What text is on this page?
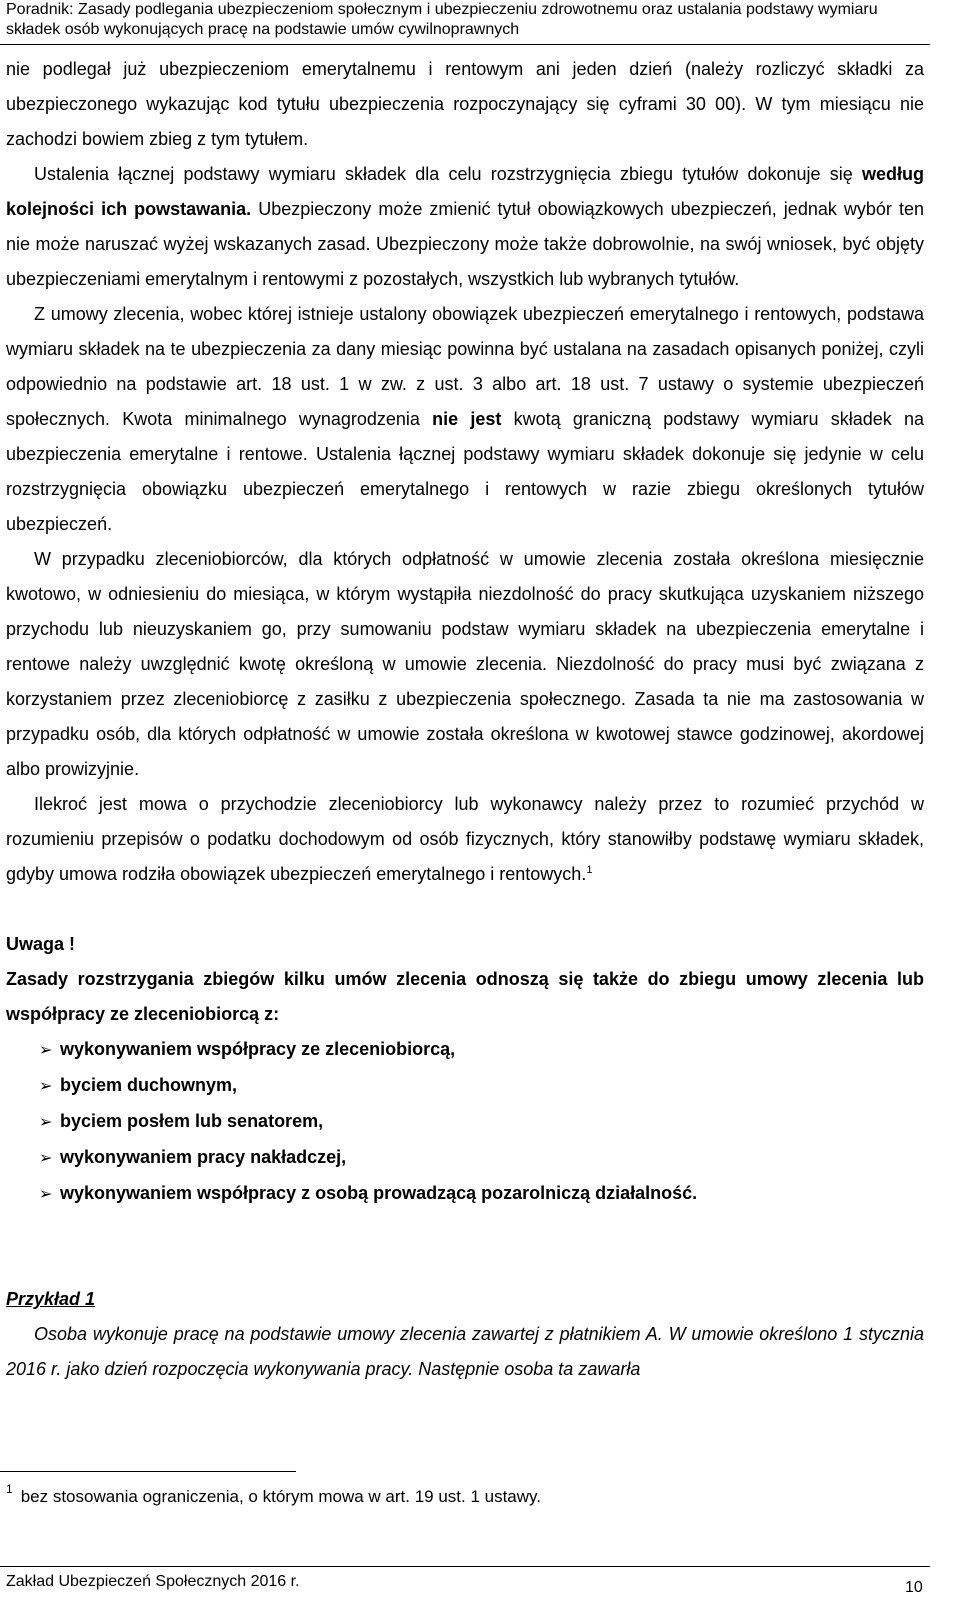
Poradnik: Zasady podlegania ubezpieczeniom społecznym i ubezpieczeniu zdrowotnemu oraz ustalania podstawy wymiaru
składek osób wykonujących pracę na podstawie umów cywilnoprawnych

nie podlegał już ubezpieczeniom emerytalnemu i rentowym ani jeden dzień (należy rozliczyć składki za ubezpieczonego wykazując kod tytułu ubezpieczenia rozpoczynający się cyframi 30 00). W tym miesiącu nie zachodzi bowiem zbieg z tym tytułem.

Ustalenia łącznej podstawy wymiaru składek dla celu rozstrzygnięcia zbiegu tytułów dokonuje się według kolejności ich powstawania. Ubezpieczony może zmienić tytuł obowiązkowych ubezpieczeń, jednak wybór ten nie może naruszać wyżej wskazanych zasad. Ubezpieczony może także dobrowolnie, na swój wniosek, być objęty ubezpieczeniami emerytalnym i rentowymi z pozostałych, wszystkich lub wybranych tytułów.

Z umowy zlecenia, wobec której istnieje ustalony obowiązek ubezpieczeń emerytalnego i rentowych, podstawa wymiaru składek na te ubezpieczenia za dany miesiąc powinna być ustalana na zasadach opisanych poniżej, czyli odpowiednio na podstawie art. 18 ust. 1 w zw. z ust. 3 albo art. 18 ust. 7 ustawy o systemie ubezpieczeń społecznych. Kwota minimalnego wynagrodzenia nie jest kwotą graniczną podstawy wymiaru składek na ubezpieczenia emerytalne i rentowe. Ustalenia łącznej podstawy wymiaru składek dokonuje się jedynie w celu rozstrzygnięcia obowiązku ubezpieczeń emerytalnego i rentowych w razie zbiegu określonych tytułów ubezpieczeń.

W przypadku zleceniobiorców, dla których odpłatność w umowie zlecenia została określona miesięcznie kwotowo, w odniesieniu do miesiąca, w którym wystąpiła niezdolność do pracy skutkująca uzyskaniem niższego przychodu lub nieuzyskaniem go, przy sumowaniu podstaw wymiaru składek na ubezpieczenia emerytalne i rentowe należy uwzględnić kwotę określoną w umowie zlecenia. Niezdolność do pracy musi być związana z korzystaniem przez zleceniobiorcę z zasiłku z ubezpieczenia społecznego. Zasada ta nie ma zastosowania w przypadku osób, dla których odpłatność w umowie została określona w kwotowej stawce godzinowej, akordowej albo prowizyjnie.

Ilekroć jest mowa o przychodzie zleceniobiorcy lub wykonawcy należy przez to rozumieć przychód w rozumieniu przepisów o podatku dochodowym od osób fizycznych, który stanowiłby podstawę wymiaru składek, gdyby umowa rodziła obowiązek ubezpieczeń emerytalnego i rentowych.$^1$

Uwaga !

Zasady rozstrzygania zbiegów kilku umów zlecenia odnoszą się także do zbiegu umowy zlecenia lub współpracy ze zleceniobiorcą z:

➢ wykonywaniem współpracy ze zleceniobiorcą,
➢ byciem duchownym,
➢ byciem posłem lub senatorem,
➢ wykonywaniem pracy nakładczej,
➢ wykonywaniem współpracy z osobą prowadzącą pozarolniczą działalność.

Przykład 1

Osoba wykonuje pracę na podstawie umowy zlecenia zawartej z płatnikiem A. W umowie określono 1 stycznia 2016 r. jako dzień rozpoczęcia wykonywania pracy. Następnie osoba ta zawarła

$^1$ bez stosowania ograniczenia, o którym mowa w art. 19 ust. 1 ustawy.
Zakład Ubezpieczeń Społecznych 2016 r.	10
